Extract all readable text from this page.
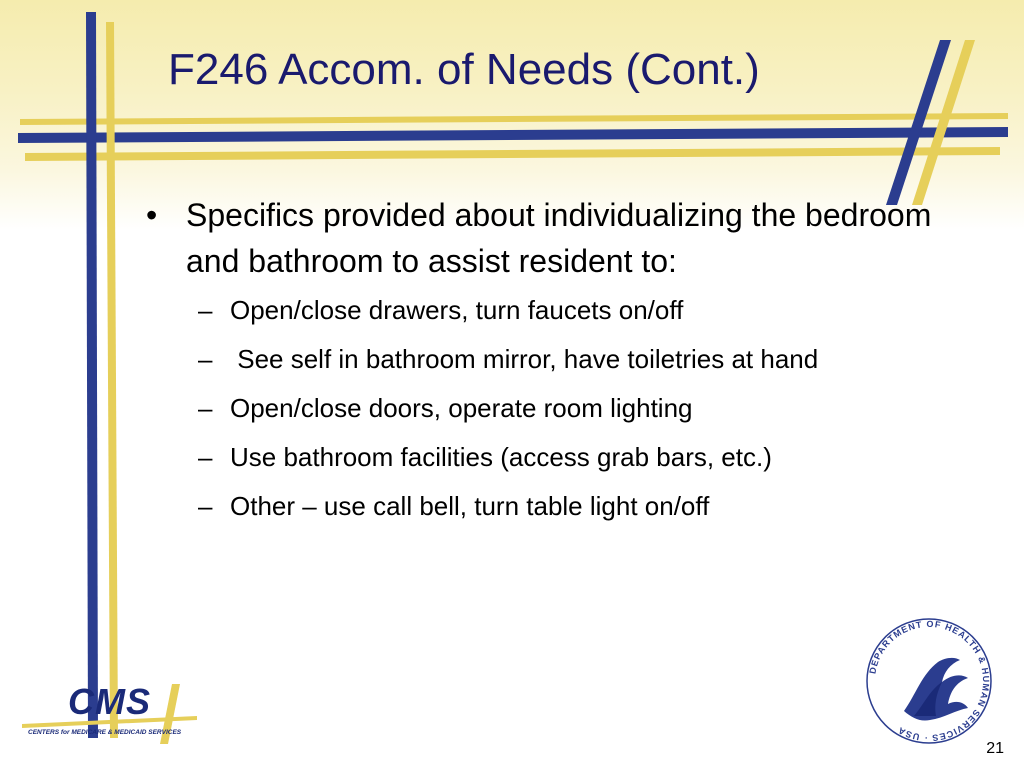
F246 Accom. of Needs (Cont.)
• Specifics provided about individualizing the bedroom and bathroom to assist resident to:
– Open/close drawers, turn faucets on/off
– See self in bathroom mirror, have toiletries at hand
– Open/close doors, operate room lighting
– Use bathroom facilities (access grab bars, etc.)
– Other – use call bell, turn table light on/off
CMS
CENTERS for MEDICARE & MEDICAID SERVICES
DEPARTMENT OF HEALTH & HUMAN SERVICES · USA
21
